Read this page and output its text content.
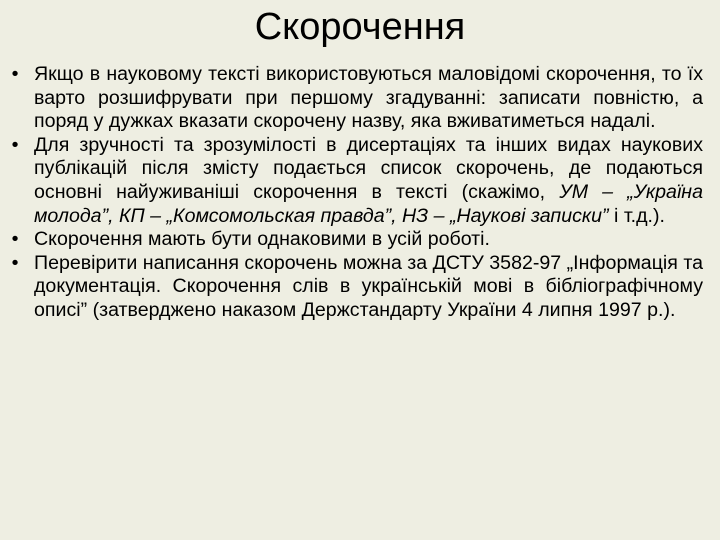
Скорочення
• Якщо в науковому тексті використовуються маловідомі скорочення, то їх варто розшифрувати при першому згадуванні: записати повністю, а поряд у дужках вказати скорочену назву, яка вживатиметься надалі.
• Для зручності та зрозумілості в дисертаціях та інших видах наукових публікацій після змісту подається список скорочень, де подаються основні найуживаніші скорочення в тексті (скажімо, УМ – „Україна молода”, КП – „Комсомольская правда”, НЗ – „Наукові записки” і т.д.).
• Скорочення мають бути однаковими в усій роботі.
• Перевірити написання скорочень можна за ДСТУ 3582-97 „Інформація та документація. Скорочення слів в українській мові в бібліографічному описі” (затверджено наказом Держстандарту України 4 липня 1997 р.).
